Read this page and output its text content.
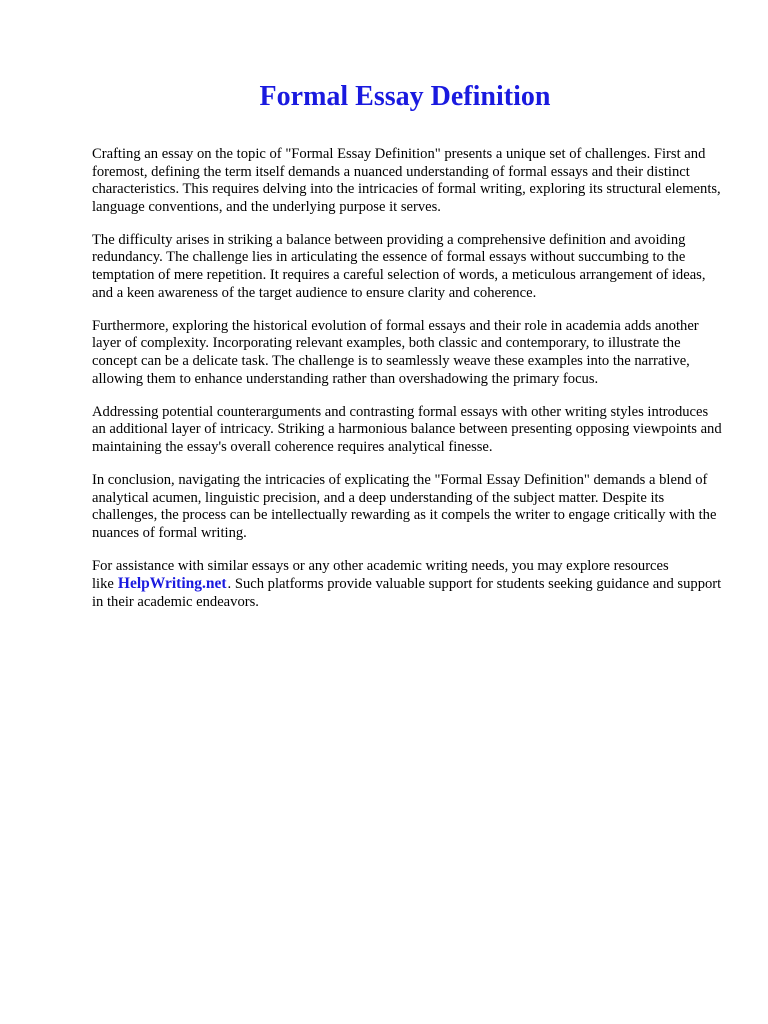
Formal Essay Definition

Crafting an essay on the topic of "Formal Essay Definition" presents a unique set of challenges. First and foremost, defining the term itself demands a nuanced understanding of formal essays and their distinct characteristics. This requires delving into the intricacies of formal writing, exploring its structural elements, language conventions, and the underlying purpose it serves.

The difficulty arises in striking a balance between providing a comprehensive definition and avoiding redundancy. The challenge lies in articulating the essence of formal essays without succumbing to the temptation of mere repetition. It requires a careful selection of words, a meticulous arrangement of ideas, and a keen awareness of the target audience to ensure clarity and coherence.

Furthermore, exploring the historical evolution of formal essays and their role in academia adds another layer of complexity. Incorporating relevant examples, both classic and contemporary, to illustrate the concept can be a delicate task. The challenge is to seamlessly weave these examples into the narrative, allowing them to enhance understanding rather than overshadowing the primary focus.

Addressing potential counterarguments and contrasting formal essays with other writing styles introduces an additional layer of intricacy. Striking a harmonious balance between presenting opposing viewpoints and maintaining the essay's overall coherence requires analytical finesse.

In conclusion, navigating the intricacies of explicating the "Formal Essay Definition" demands a blend of analytical acumen, linguistic precision, and a deep understanding of the subject matter. Despite its challenges, the process can be intellectually rewarding as it compels the writer to engage critically with the nuances of formal writing.

For assistance with similar essays or any other academic writing needs, you may explore resources like HelpWriting.net. Such platforms provide valuable support for students seeking guidance and support in their academic endeavors.
